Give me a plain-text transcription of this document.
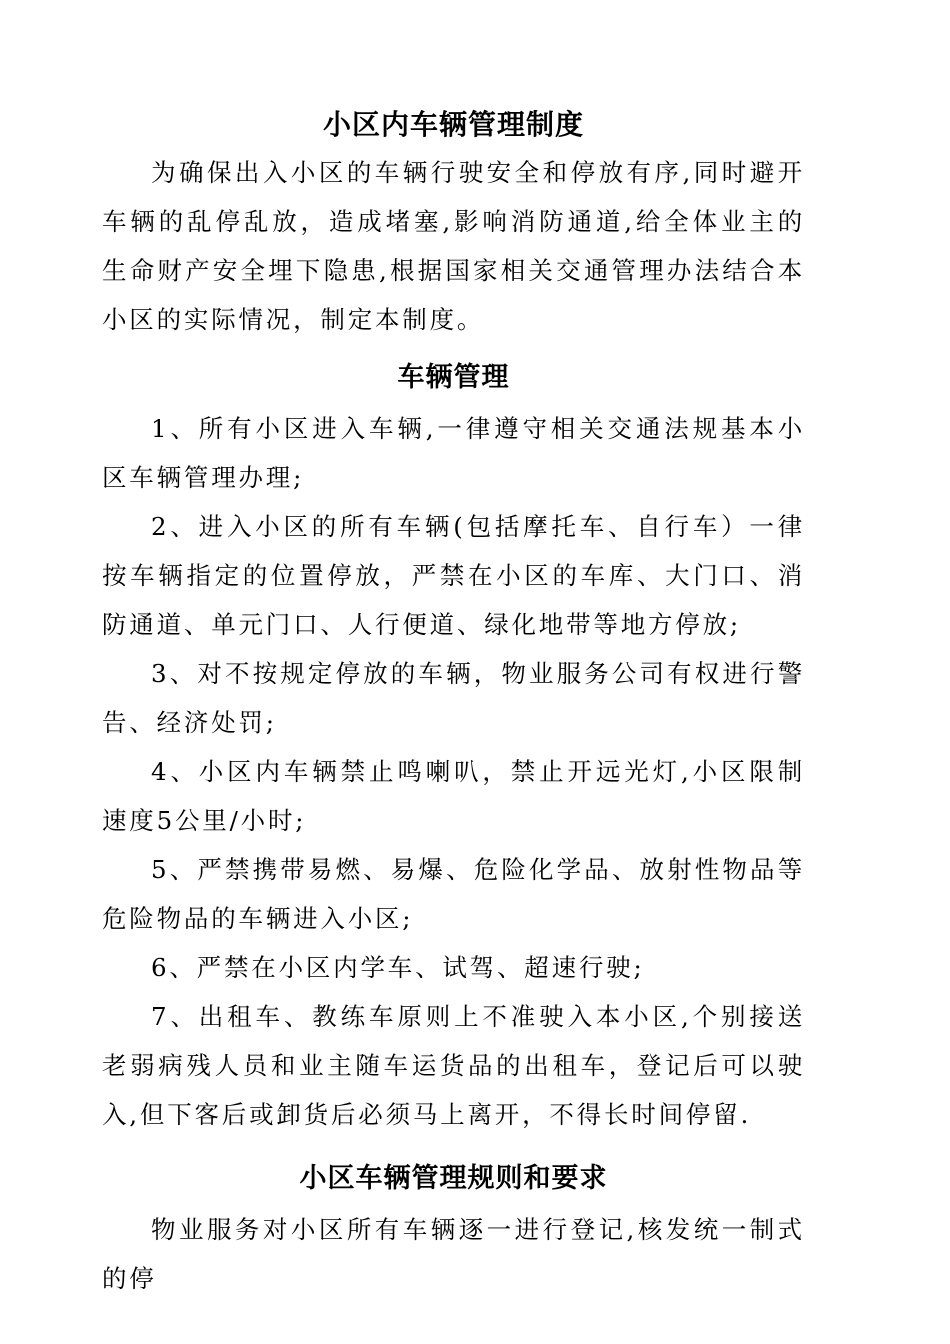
小区内车辆管理制度

为确保出入小区的车辆行驶安全和停放有序,同时避开车辆的乱停乱放，造成堵塞,影响消防通道,给全体业主的生命财产安全埋下隐患,根据国家相关交通管理办法结合本小区的实际情况，制定本制度。

车辆管理

1、所有小区进入车辆,一律遵守相关交通法规基本小区车辆管理办理;

2、进入小区的所有车辆(包括摩托车、自行车）一律按车辆指定的位置停放，严禁在小区的车库、大门口、消防通道、单元门口、人行便道、绿化地带等地方停放;

3、对不按规定停放的车辆，物业服务公司有权进行警告、经济处罚;

4、小区内车辆禁止鸣喇叭，禁止开远光灯,小区限制速度5公里/小时;

5、严禁携带易燃、易爆、危险化学品、放射性物品等危险物品的车辆进入小区;

6、严禁在小区内学车、试驾、超速行驶;

7、出租车、教练车原则上不准驶入本小区,个别接送老弱病残人员和业主随车运货品的出租车，登记后可以驶入,但下客后或卸货后必须马上离开，不得长时间停留.

小区车辆管理规则和要求

物业服务对小区所有车辆逐一进行登记,核发统一制式的停
